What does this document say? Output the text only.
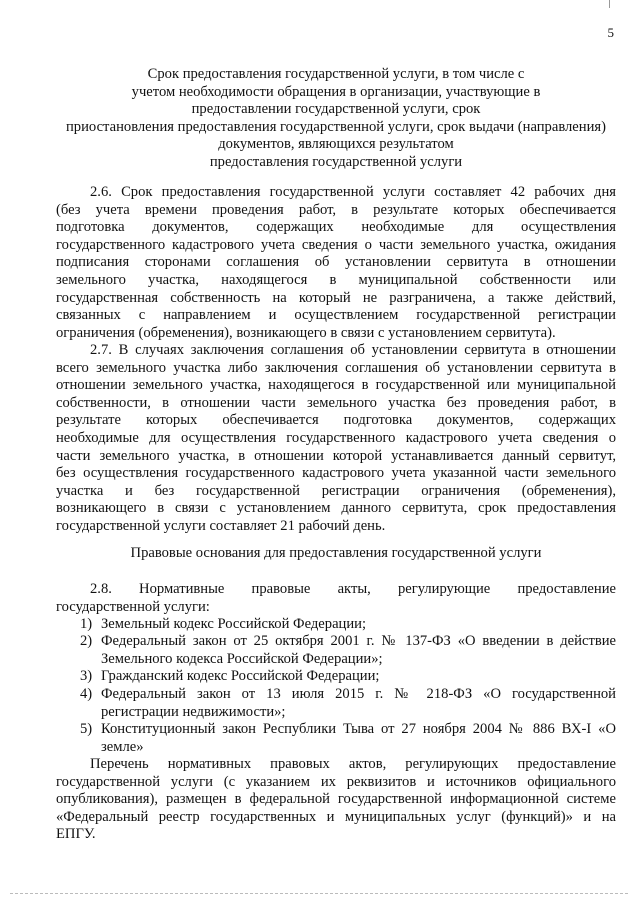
5
Срок предоставления государственной услуги, в том числе с
учетом необходимости обращения в организации, участвующие в
предоставлении государственной услуги, срок
приостановления предоставления государственной услуги, срок выдачи (направления)
документов, являющихся результатом
предоставления государственной услуги
2.6. Срок предоставления государственной услуги составляет 42 рабочих дня
(без учета времени проведения работ, в результате которых обеспечивается
подготовка документов, содержащих необходимые для осуществления
государственного кадастрового учета сведения о части земельного участка, ожидания
подписания сторонами соглашения об установлении сервитута в отношении
земельного участка, находящегося в муниципальной собственности или
государственная собственность на который не разграничена, а также действий,
связанных с направлением и осуществлением государственной регистрации
ограничения (обременения), возникающего в связи с установлением сервитута).
2.7. В случаях заключения соглашения об установлении сервитута в отношении
всего земельного участка либо заключения соглашения об установлении сервитута в
отношении земельного участка, находящегося в государственной или муниципальной
собственности, в отношении части земельного участка без проведения работ, в
результате которых обеспечивается подготовка документов, содержащих
необходимые для осуществления государственного кадастрового учета сведения о
части земельного участка, в отношении которой устанавливается данный сервитут,
без осуществления государственного кадастрового учета указанной части земельного
участка и без государственной регистрации ограничения (обременения),
возникающего в связи с установлением данного сервитута, срок предоставления
государственной услуги составляет 21 рабочий день.
Правовые основания для предоставления государственной услуги
2.8. Нормативные правовые акты, регулирующие предоставление
государственной услуги:
1) Земельный кодекс Российской Федерации;
2) Федеральный закон от 25 октября 2001 г. № 137-ФЗ «О введении в действие
Земельного кодекса Российской Федерации»;
3) Гражданский кодекс Российской Федерации;
4) Федеральный закон от 13 июля 2015 г. № 218-ФЗ «О государственной
регистрации недвижимости»;
5) Конституционный закон Республики Тыва от 27 ноября 2004 № 886 ВХ-I «О
земле»
Перечень нормативных правовых актов, регулирующих предоставление
государственной услуги (с указанием их реквизитов и источников официального
опубликования), размещен в федеральной государственной информационной системе
«Федеральный реестр государственных и муниципальных услуг (функций)» и на
ЕПГУ.
